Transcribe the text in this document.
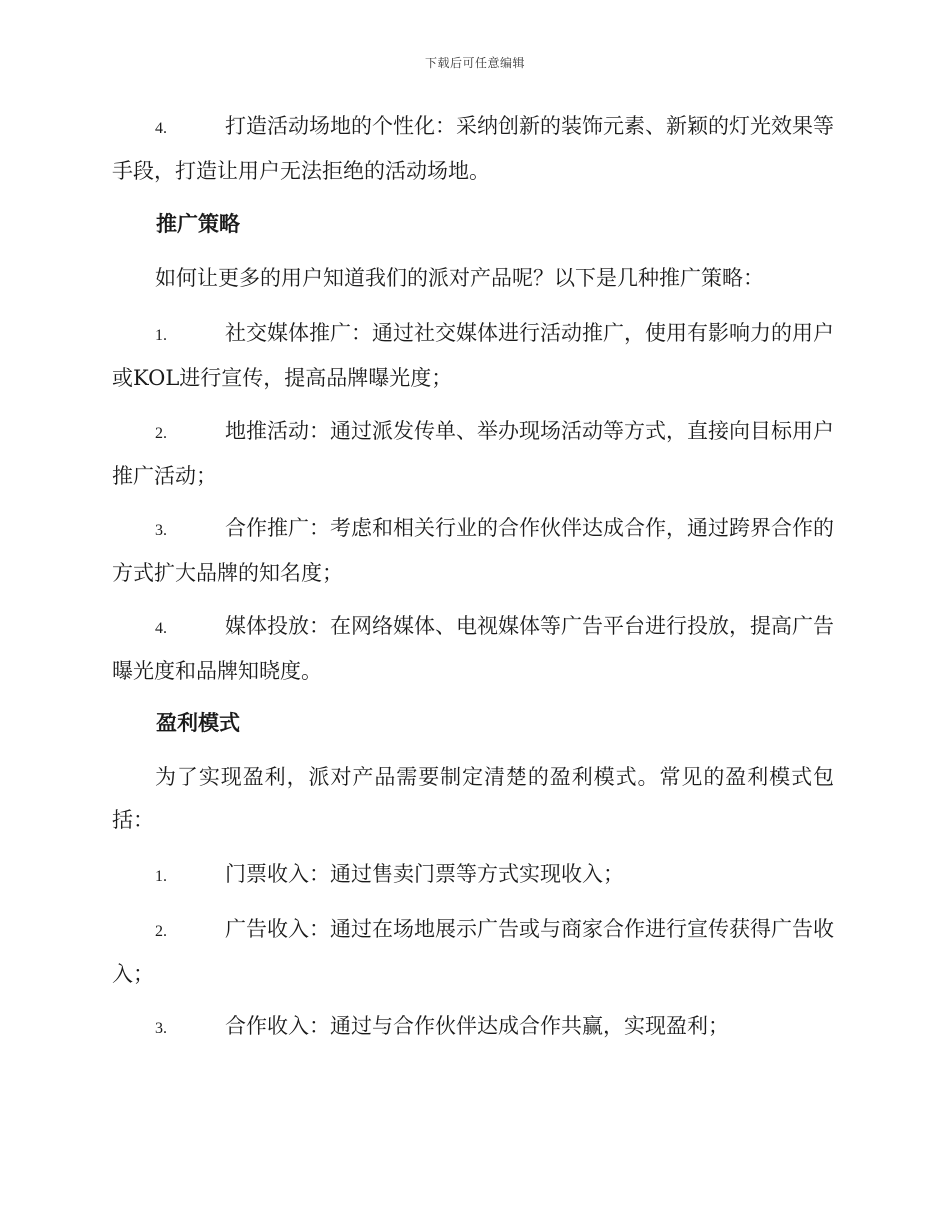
下载后可任意编辑
4.	打造活动场地的个性化：采纳创新的装饰元素、新颖的灯光效果等手段，打造让用户无法拒绝的活动场地。
推广策略
如何让更多的用户知道我们的派对产品呢？以下是几种推广策略：
1.	社交媒体推广：通过社交媒体进行活动推广，使用有影响力的用户或KOL进行宣传，提高品牌曝光度；
2.	地推活动：通过派发传单、举办现场活动等方式，直接向目标用户推广活动；
3.	合作推广：考虑和相关行业的合作伙伴达成合作，通过跨界合作的方式扩大品牌的知名度；
4.	媒体投放：在网络媒体、电视媒体等广告平台进行投放，提高广告曝光度和品牌知晓度。
盈利模式
为了实现盈利，派对产品需要制定清楚的盈利模式。常见的盈利模式包括：
1.	门票收入：通过售卖门票等方式实现收入；
2.	广告收入：通过在场地展示广告或与商家合作进行宣传获得广告收入；
3.	合作收入：通过与合作伙伴达成合作共赢，实现盈利；
